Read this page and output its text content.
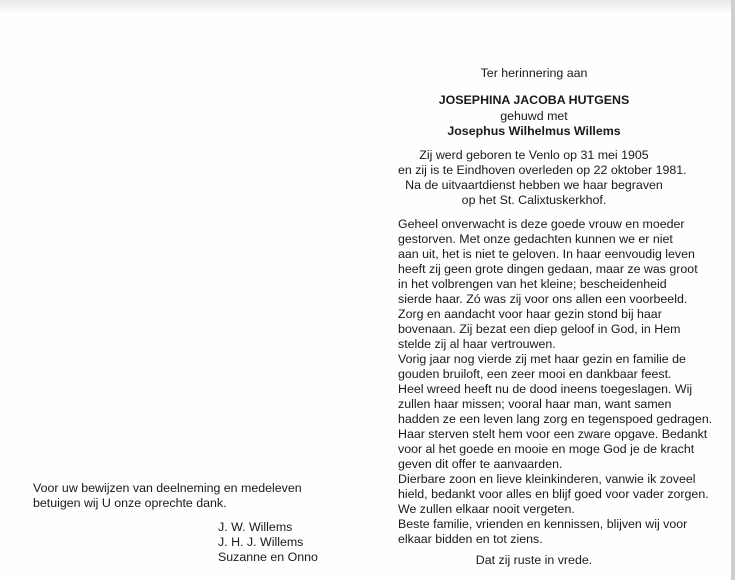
Ter herinnering aan
JOSEPHINA JACOBA HUTGENS
gehuwd met
Josephus Wilhelmus Willems
Zij werd geboren te Venlo op 31 mei 1905
en zij is te Eindhoven overleden op 22 oktober 1981.
Na de uitvaartdienst hebben we haar begraven
op het St. Calixtuskerkhof.
Geheel onverwacht is deze goede vrouw en moeder
gestorven. Met onze gedachten kunnen we er niet
aan uit, het is niet te geloven. In haar eenvoudig leven
heeft zij geen grote dingen gedaan, maar ze was groot
in het volbrengen van het kleine; bescheidenheid
sierde haar. Zó was zij voor ons allen een voorbeeld.
Zorg en aandacht voor haar gezin stond bij haar
bovenaan. Zij bezat een diep geloof in God, in Hem
stelde zij al haar vertrouwen.
Vorig jaar nog vierde zij met haar gezin en familie de
gouden bruiloft, een zeer mooi en dankbaar feest.
Heel wreed heeft nu de dood ineens toegeslagen. Wij
zullen haar missen; vooral haar man, want samen
hadden ze een leven lang zorg en tegenspoed gedragen.
Haar sterven stelt hem voor een zware opgave. Bedankt
voor al het goede en mooie en moge God je de kracht
geven dit offer te aanvaarden.
Dierbare zoon en lieve kleinkinderen, vanwie ik zoveel
hield, bedankt voor alles en blijf goed voor vader zorgen.
We zullen elkaar nooit vergeten.
Beste familie, vrienden en kennissen, blijven wij voor
elkaar bidden en tot ziens.
Dat zij ruste in vrede.
Voor uw bewijzen van deelneming en medeleven
betuigen wij U onze oprechte dank.
J. W. Willems
J. H. J. Willems
Suzanne en Onno
